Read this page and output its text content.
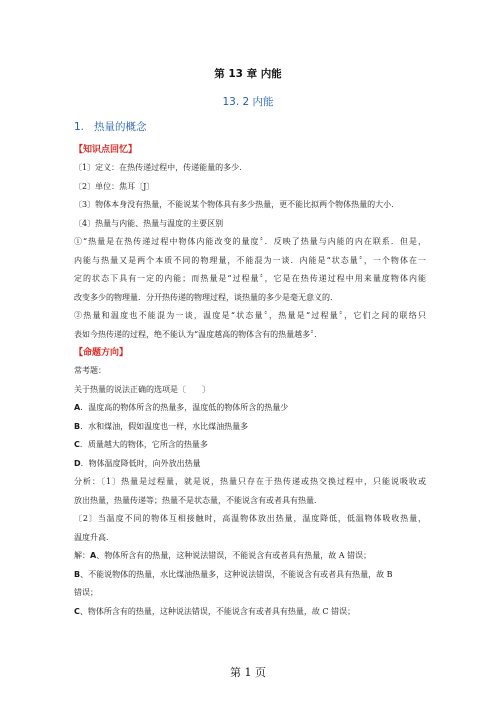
第 13 章 内能
13. 2 内能
1. 热量的概念
【知识点回忆】
〔1〕定义：在热传递过程中，传递能量的多少.
〔2〕单位：焦耳〔J〕
〔3〕物体本身没有热量，不能说某个物体具有多少热量，更不能比拟两个物体热量的大小．
〔4〕热量与内能、热量与温度的主要区别
①“热量是在热传递过程中物体内能改变的量度〞．反映了热量与内能的内在联系．但是，
内能与热量又是两个本质不同的物理量，不能混为一谈．内能是“状态量〞，一个物体在一
定的状态下具有一定的内能；而热量是“过程量〞，它是在热传递过程中用来量度物体内能
改变多少的物理量．分开热传递的物理过程，谈热量的多少是毫无意义的．
②热量和温度也不能混为一谈，温度是“状态量〞，热量是“过程量〞，它们之间的联络只
表如今热传递的过程，绝不能认为“温度越高的物体含有的热量越多〞．
【命题方向】
常考题：
关于热量的说法正确的选项是〔　　〕
A．温度高的物体所含的热量多，温度低的物体所含的热量少
B．水和煤油，假如温度也一样，水比煤油热量多
C．质量越大的物体，它所含的热量多
D．物体温度降低时，向外放出热量
分析：〔1〕热量是过程量，就是说，热量只存在于热传递或热交换过程中，只能说吸收或
放出热量，热量传递等；热量不是状态量，不能说含有或者具有热量．
〔2〕当温度不同的物体互相接触时，高温物体放出热量，温度降低，低温物体吸收热量，
温度升高．
解：A、物体所含有的热量，这种说法错误，不能说含有或者具有热量，故 A 错误；
B、不能说物体的热量，水比煤油热量多，这种说法错误，不能说含有或者具有热量，故 B
错误；
C、物体所含有的热量，这种说法错误，不能说含有或者具有热量，故 C 错误；
第 1 页
